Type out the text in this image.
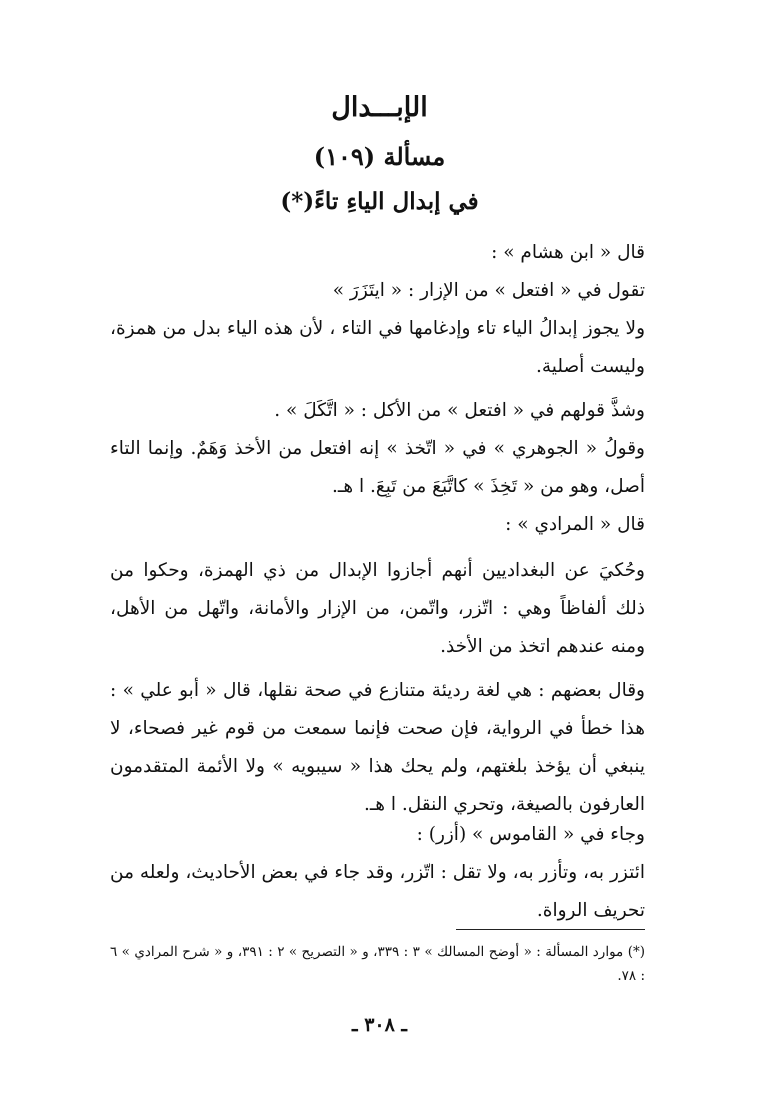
الإبـــدال
مسألة (١٠٩)
في إبدال الياءِ تاءً(*)

قال « ابن هشام » :

تقول في « افتعل » من الإزار : « ايتَزَرَ »

ولا يجوز إبدالُ الياء تاء وإدغامها في التاء ، لأن هذه الياء بدل من همزة، وليست أصلية.

وشذَّ قولهم في « افتعل » من الأكل : « اتَّكَلَ » .

وقولُ « الجوهري » في « اتّخذ » إنه افتعل من الأخذ وَهَمٌ. وإنما التاء أصل، وهو من « تَخِذَ » كاتَّبَعَ من تَبِعَ. ا هـ.

قال « المرادي » :

وحُكيَ عن البغداديين أنهم أجازوا الإبدال من ذي الهمزة، وحكوا من ذلك ألفاظاً وهي : اتّزر، واتّمن، من الإزار والأمانة، واتّهل من الأهل، ومنه عندهم اتخذ من الأخذ.

وقال بعضهم : هي لغة رديئة متنازع في صحة نقلها، قال « أبو علي » : هذا خطأ في الرواية، فإن صحت فإنما سمعت من قوم غير فصحاء، لا ينبغي أن يؤخذ بلغتهم، ولم يحك هذا « سيبويه » ولا الأئمة المتقدمون العارفون بالصيغة، وتحري النقل. ا هـ.

وجاء في « القاموس » (أزر) :

ائتزر به، وتأزر به، ولا تقل : اتّزر، وقد جاء في بعض الأحاديث، ولعله من تحريف الرواة.

(*) موارد المسألة : « أوضح المسالك » ٣ : ٣٣٩، و « التصريح » ٢ : ٣٩١، و « شرح المرادي » ٦ : ٧٨.

ـ ٣٠٨ ـ
